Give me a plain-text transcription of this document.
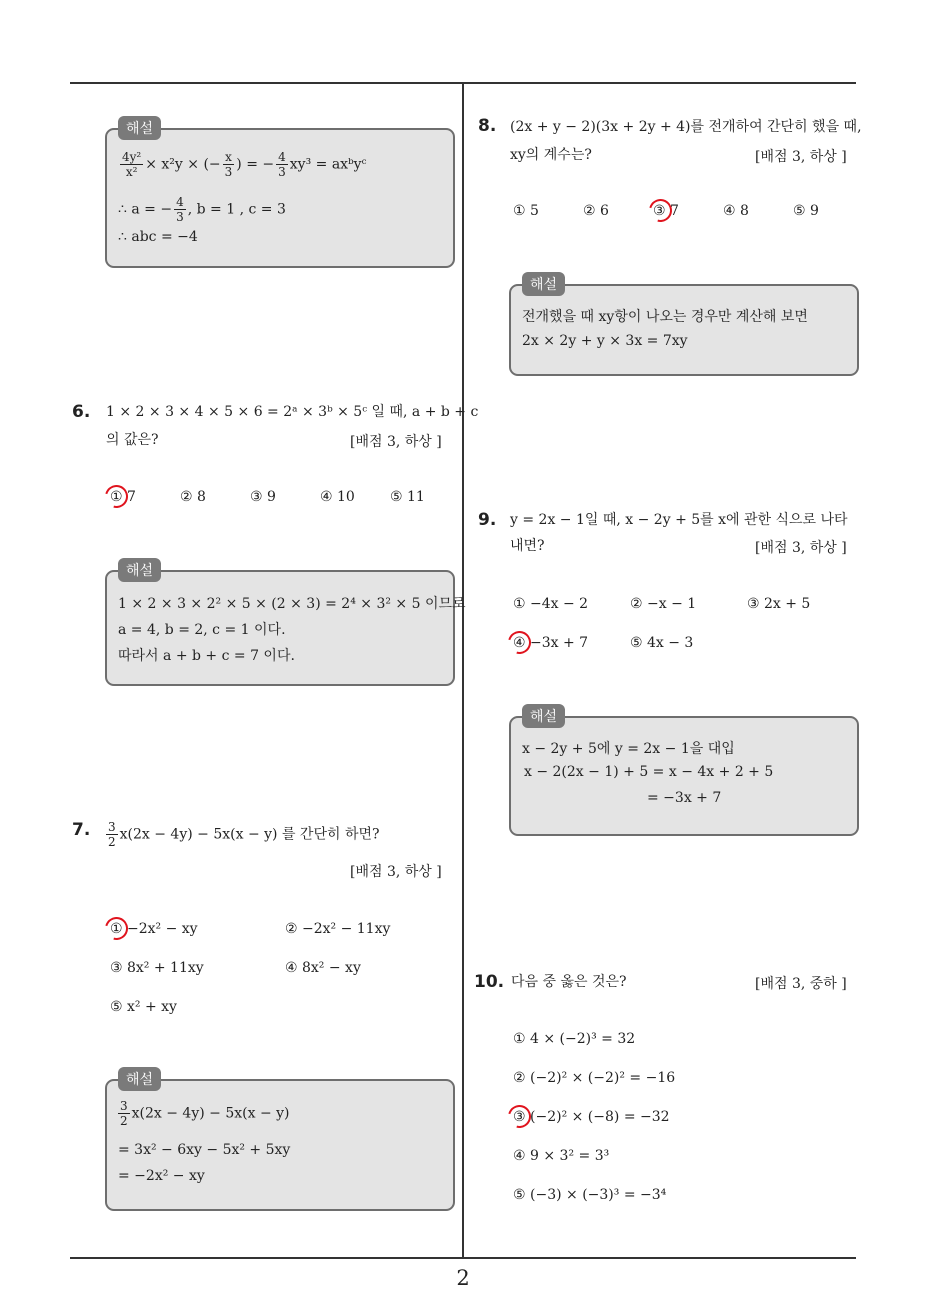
해설
$\frac{\text{4y²}}{\text{x²}} \times x^2y$ × (− $\frac{x}{3}$ ) = − $\frac{4}{3} xy^3$ = axᵇyᶜ
∴ a = − $\frac{4}{3}$ , b = 1 , c = 3
∴ abc = −4
6. 1 × 2 × 3 × 4 × 5 × 6 = 2ᵃ × 3ᵇ × 5ᶜ 일 때, a + b + c
의 값은?	[배점 3, 하상 ]
① 7	② 8	③ 9	④ 10	⑤ 11
해설
1 × 2 × 3 × 2² × 5 × (2 × 3) = 2⁴ × 3² × 5 이므로
a = 4, b = 2, c = 1 이다.
따라서 a + b + c = 7 이다.
7. $\frac{3}{2} x(2x - 4y) - 5x(x - y)$ 를 간단히 하면?
[배점 3, 하상 ]
① −2x² − xy	② −2x² − 11xy
③ 8x² + 11xy	④ 8x² − xy
⑤ x² + xy
해설
$\frac{3}{2} x(2x - 4y) - 5x(x - y)$
= 3x² − 6xy − 5x² + 5xy
= −2x² − xy
8. (2x + y − 2)(3x + 2y + 4)를 전개하여 간단히 했을 때,
xy의 계수는?	[배점 3, 하상 ]
① 5	② 6	③ 7	④ 8	⑤ 9
해설
전개했을 때 xy항이 나오는 경우만 계산해 보면
2x × 2y + y × 3x = 7xy
9. y = 2x − 1일 때, x − 2y + 5를 x에 관한 식으로 나타
내면?	[배점 3, 하상 ]
① −4x − 2	② −x − 1	③ 2x + 5
④ −3x + 7	⑤ 4x − 3
해설
x − 2y + 5에 y = 2x − 1을 대입
x − 2(2x − 1) + 5 = x − 4x + 2 + 5
= −3x + 7
10. 다음 중 옳은 것은?	[배점 3, 중하 ]
① 4 × (−2)³ = 32
② (−2)² × (−2)² = −16
③ (−2)² × (−8) = −32
④ 9 × 3² = 3³
⑤ (−3) × (−3)³ = −3⁴
2
